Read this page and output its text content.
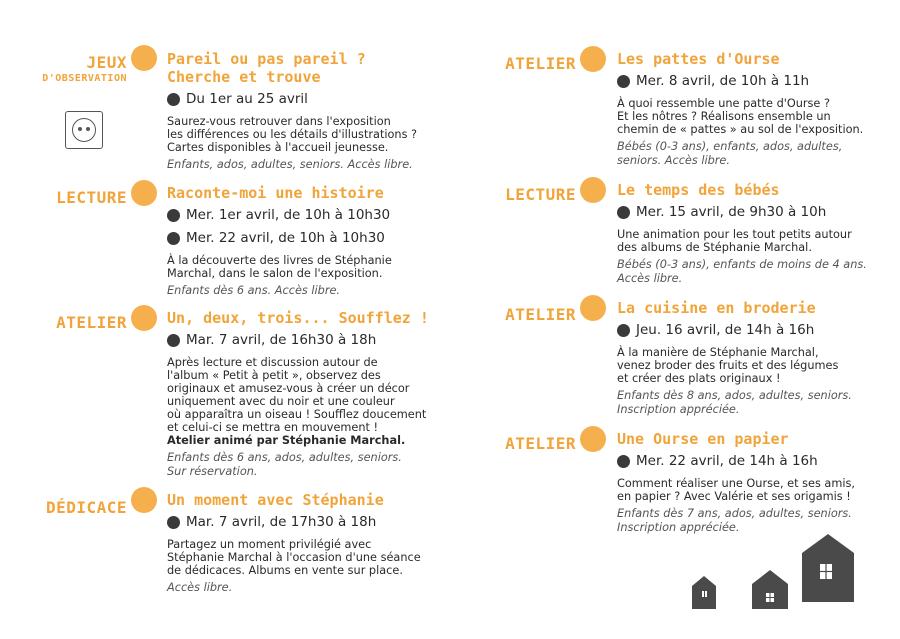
JEUX
D'OBSERVATION
Pareil ou pas pareil ? Cherche et trouve
Du 1er au 25 avril

Saurez-vous retrouver dans l'exposition
les différences ou les détails d'illustrations ?
Cartes disponibles à l'accueil jeunesse.

Enfants, ados, adultes, seniors. Accès libre.

LECTURE	Raconte-moi une histoire
Mer. 1er avril, de 10h à 10h30
Mer. 22 avril, de 10h à 10h30

À la découverte des livres de Stéphanie
Marchal, dans le salon de l'exposition.

Enfants dès 6 ans. Accès libre.

ATELIER	Un, deux, trois... Soufflez !
Mar. 7 avril, de 16h30 à 18h

Après lecture et discussion autour de
l'album « Petit à petit », observez des
originaux et amusez-vous à créer un décor
uniquement avec du noir et une couleur
où apparaîtra un oiseau ! Soufflez doucement
et celui-ci se mettra en mouvement !
Atelier animé par Stéphanie Marchal.

Enfants dès 6 ans, ados, adultes, seniors.
Sur réservation.

DÉDICACE	Un moment avec Stéphanie
Mar. 7 avril, de 17h30 à 18h

Partagez un moment privilégié avec
Stéphanie Marchal à l'occasion d'une séance
de dédicaces. Albums en vente sur place.

Accès libre.

ATELIER	Les pattes d'Ourse
Mer. 8 avril, de 10h à 11h

À quoi ressemble une patte d'Ourse ?
Et les nôtres ? Réalisons ensemble un
chemin de « pattes » au sol de l'exposition.

Bébés (0-3 ans), enfants, ados, adultes,
seniors. Accès libre.

LECTURE	Le temps des bébés
Mer. 15 avril, de 9h30 à 10h

Une animation pour les tout petits autour
des albums de Stéphanie Marchal.

Bébés (0-3 ans), enfants de moins de 4 ans.
Accès libre.

ATELIER	La cuisine en broderie
Jeu. 16 avril, de 14h à 16h

À la manière de Stéphanie Marchal,
venez broder des fruits et des légumes
et créer des plats originaux !

Enfants dès 8 ans, ados, adultes, seniors.
Inscription appréciée.

ATELIER	Une Ourse en papier
Mer. 22 avril, de 14h à 16h

Comment réaliser une Ourse, et ses amis,
en papier ? Avec Valérie et ses origamis !

Enfants dès 7 ans, ados, adultes, seniors.
Inscription appréciée.
